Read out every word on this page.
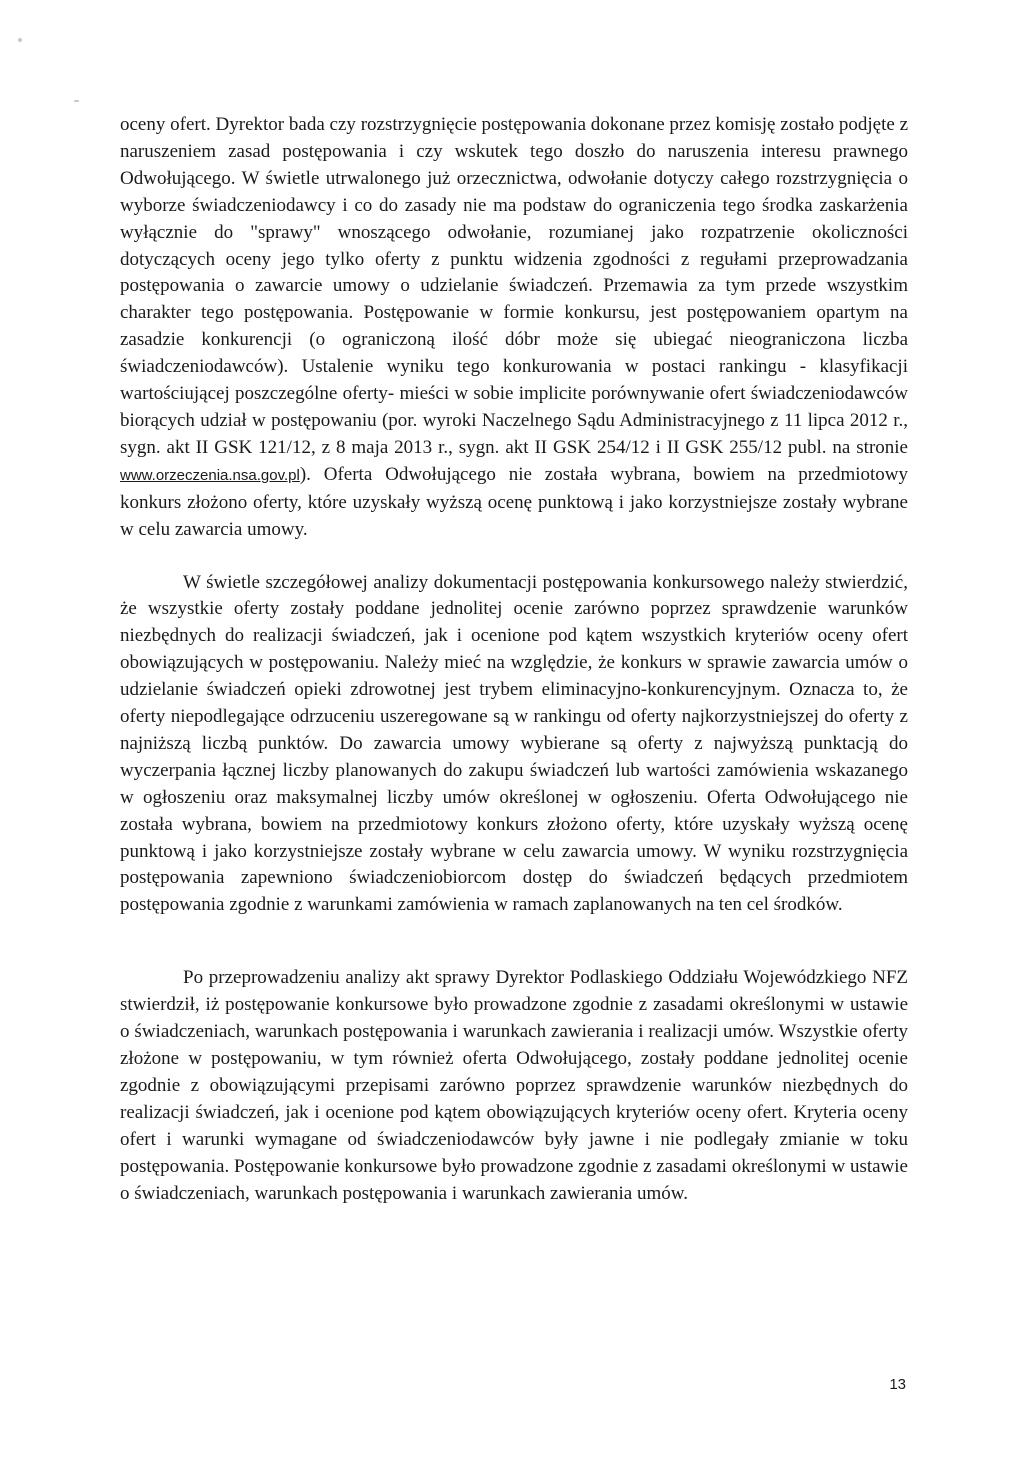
oceny ofert. Dyrektor bada czy rozstrzygnięcie postępowania dokonane przez komisję zostało podjęte z naruszeniem zasad postępowania i czy wskutek tego doszło do naruszenia interesu prawnego Odwołującego. W świetle utrwalonego już orzecznictwa, odwołanie dotyczy całego rozstrzygnięcia o wyborze świadczeniodawcy i co do zasady nie ma podstaw do ograniczenia tego środka zaskarżenia wyłącznie do "sprawy" wnoszącego odwołanie, rozumianej jako rozpatrzenie okoliczności dotyczących oceny jego tylko oferty z punktu widzenia zgodności z regułami przeprowadzania postępowania o zawarcie umowy o udzielanie świadczeń. Przemawia za tym przede wszystkim charakter tego postępowania. Postępowanie w formie konkursu, jest postępowaniem opartym na zasadzie konkurencji (o ograniczoną ilość dóbr może się ubiegać nieograniczona liczba świadczeniodawców). Ustalenie wyniku tego konkurowania w postaci rankingu - klasyfikacji wartościującej poszczególne oferty- mieści w sobie implicite porównywanie ofert świadczeniodawców biorących udział w postępowaniu (por. wyroki Naczelnego Sądu Administracyjnego z 11 lipca 2012 r., sygn. akt II GSK 121/12, z 8 maja 2013 r., sygn. akt II GSK 254/12 i II GSK 255/12 publ. na stronie www.orzeczenia.nsa.gov.pl). Oferta Odwołującego nie została wybrana, bowiem na przedmiotowy konkurs złożono oferty, które uzyskały wyższą ocenę punktową i jako korzystniejsze zostały wybrane w celu zawarcia umowy.

W świetle szczegółowej analizy dokumentacji postępowania konkursowego należy stwierdzić, że wszystkie oferty zostały poddane jednolitej ocenie zarówno poprzez sprawdzenie warunków niezbędnych do realizacji świadczeń, jak i ocenione pod kątem wszystkich kryteriów oceny ofert obowiązujących w postępowaniu. Należy mieć na względzie, że konkurs w sprawie zawarcia umów o udzielanie świadczeń opieki zdrowotnej jest trybem eliminacyjno-konkurencyjnym. Oznacza to, że oferty niepodlegające odrzuceniu uszeregowane są w rankingu od oferty najkorzystniejszej do oferty z najniższą liczbą punktów. Do zawarcia umowy wybierane są oferty z najwyższą punktacją do wyczerpania łącznej liczby planowanych do zakupu świadczeń lub wartości zamówienia wskazanego w ogłoszeniu oraz maksymalnej liczby umów określonej w ogłoszeniu. Oferta Odwołującego nie została wybrana, bowiem na przedmiotowy konkurs złożono oferty, które uzyskały wyższą ocenę punktową i jako korzystniejsze zostały wybrane w celu zawarcia umowy. W wyniku rozstrzygnięcia postępowania zapewniono świadczeniobiorcom dostęp do świadczeń będących przedmiotem postępowania zgodnie z warunkami zamówienia w ramach zaplanowanych na ten cel środków.

Po przeprowadzeniu analizy akt sprawy Dyrektor Podlaskiego Oddziału Wojewódzkiego NFZ stwierdził, iż postępowanie konkursowe było prowadzone zgodnie z zasadami określonymi w ustawie o świadczeniach, warunkach postępowania i warunkach zawierania i realizacji umów. Wszystkie oferty złożone w postępowaniu, w tym również oferta Odwołującego, zostały poddane jednolitej ocenie zgodnie z obowiązującymi przepisami zarówno poprzez sprawdzenie warunków niezbędnych do realizacji świadczeń, jak i ocenione pod kątem obowiązujących kryteriów oceny ofert. Kryteria oceny ofert i warunki wymagane od świadczeniodawców były jawne i nie podlegały zmianie w toku postępowania. Postępowanie konkursowe było prowadzone zgodnie z zasadami określonymi w ustawie o świadczeniach, warunkach postępowania i warunkach zawierania umów.

13
